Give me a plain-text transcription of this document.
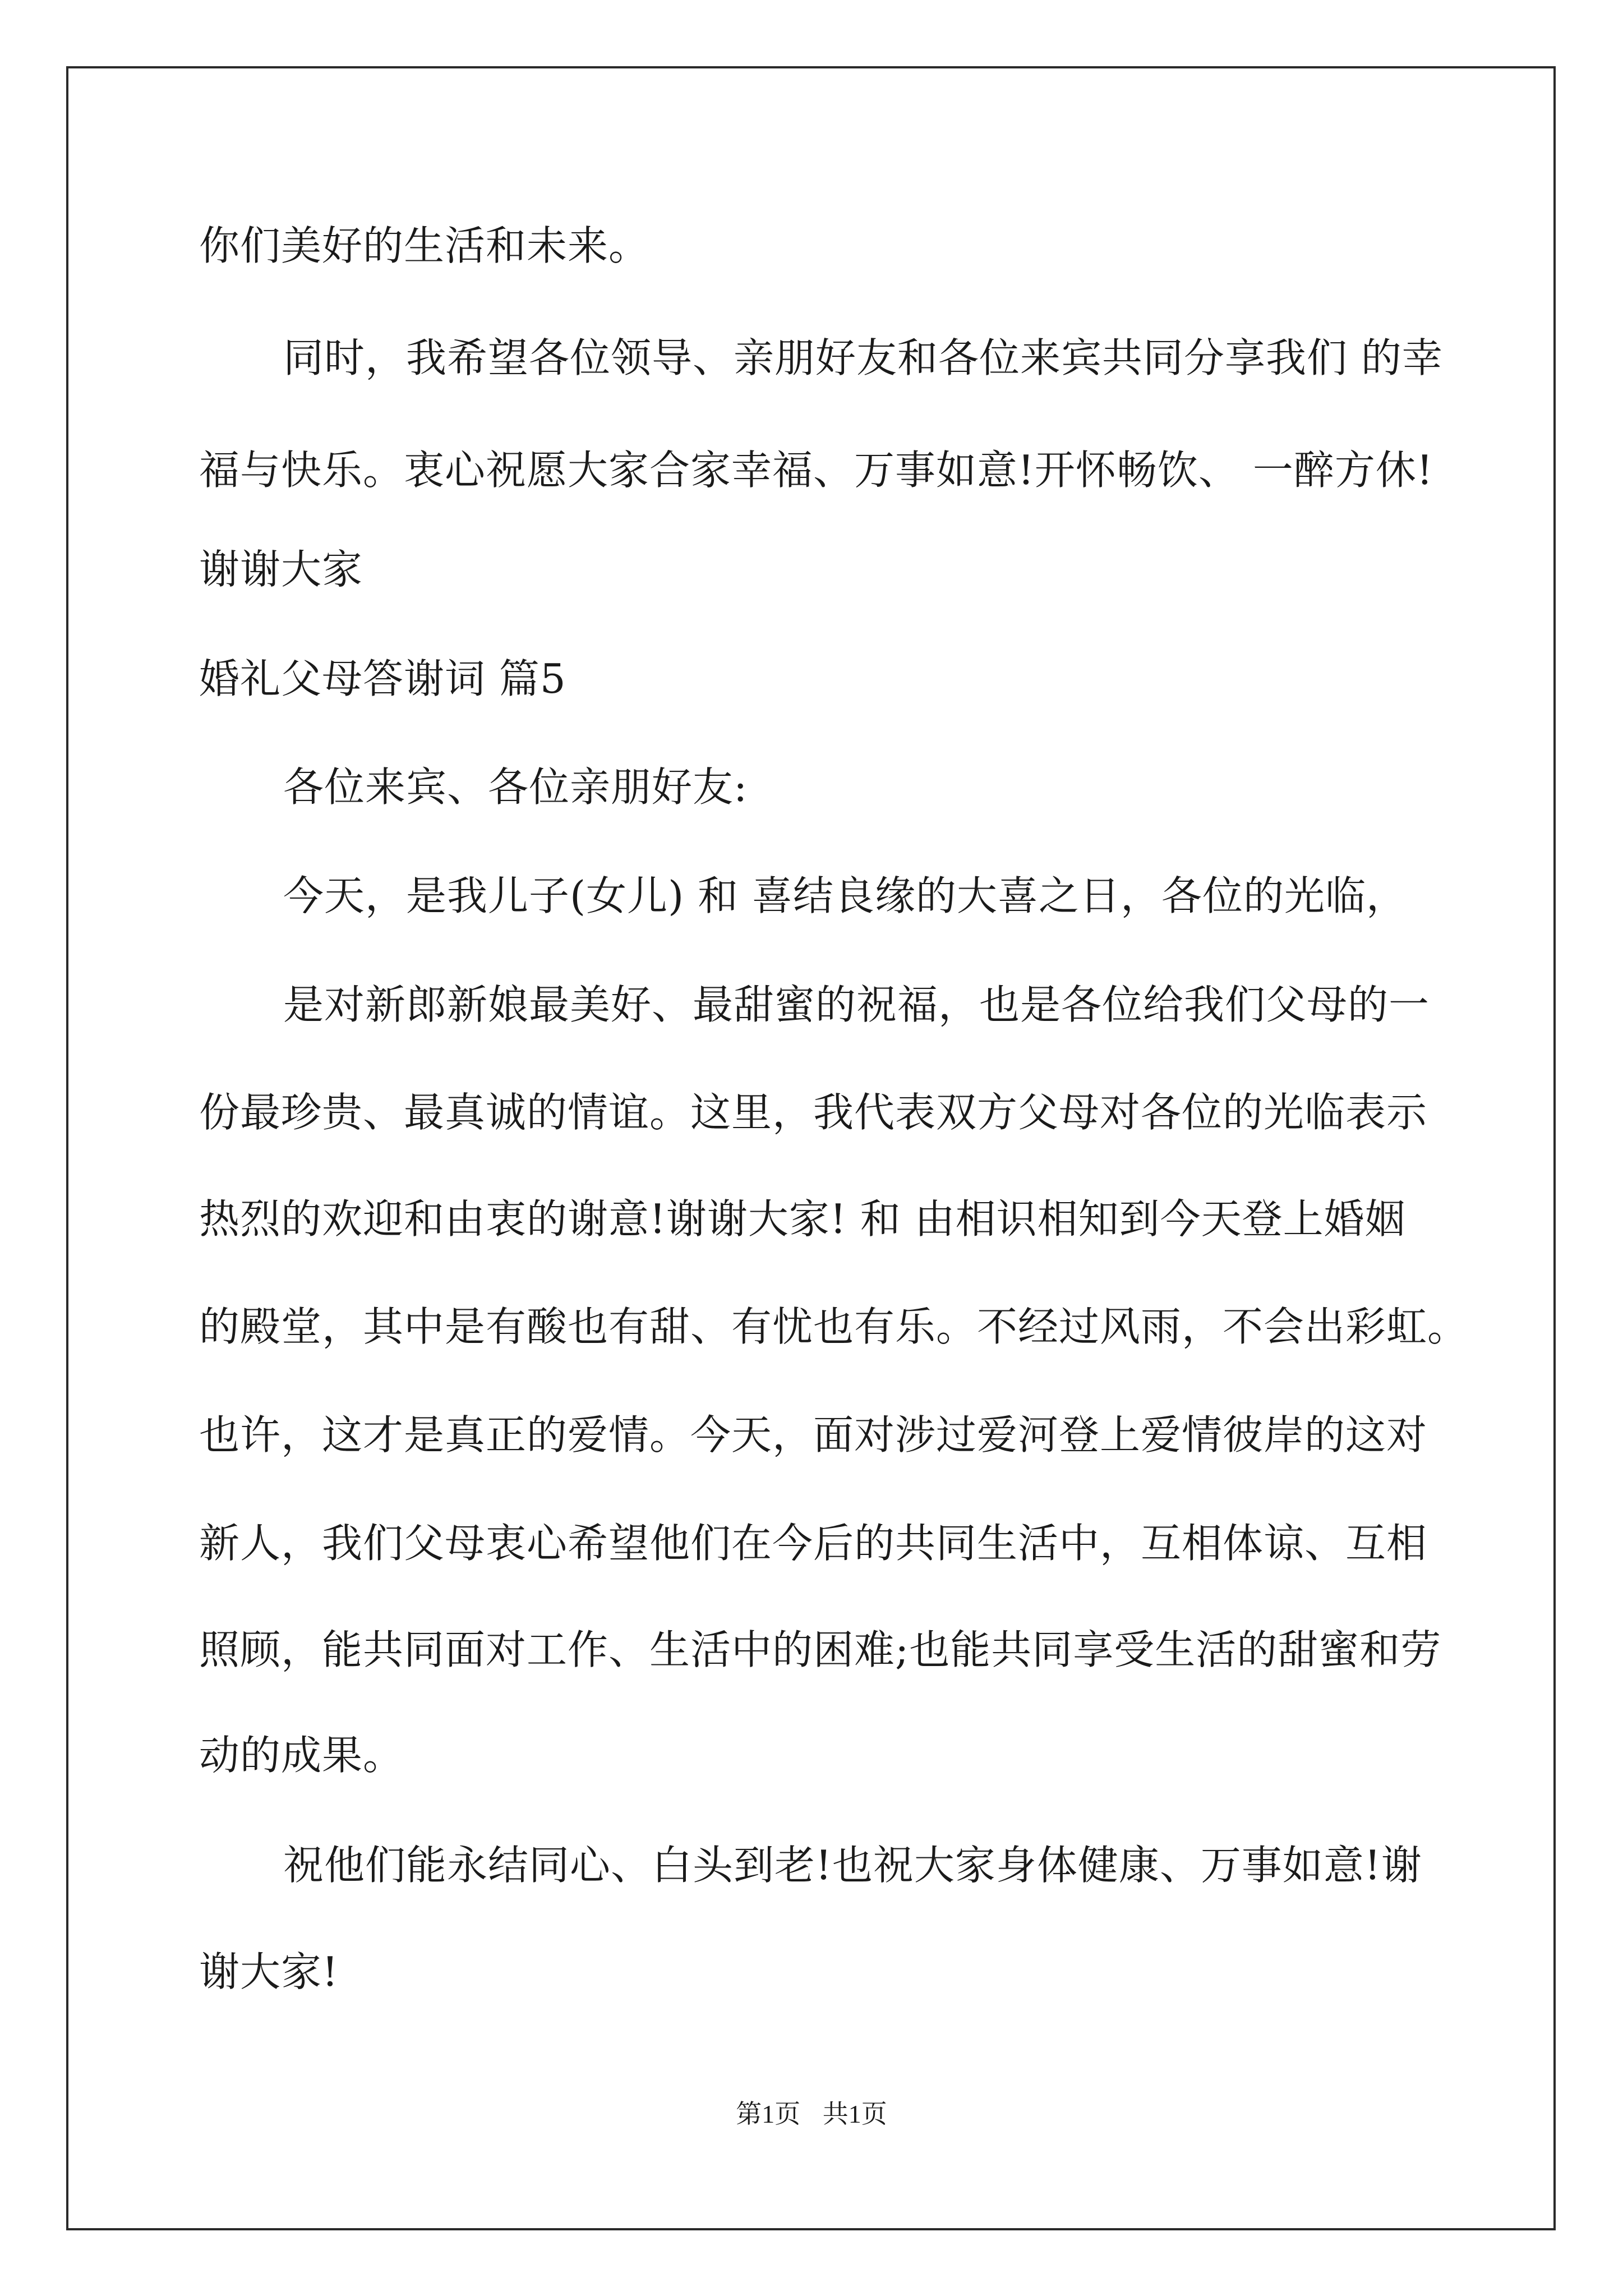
你们美好的生活和未来。
同时，我希望各位领导、亲朋好友和各位来宾共同分享我们 的幸
福与快乐。衷心祝愿大家合家幸福、万事如意!开怀畅饮、 一醉方休!
谢谢大家
婚礼父母答谢词 篇5
各位来宾、各位亲朋好友:
今天，是我儿子(女儿) 和 喜结良缘的大喜之日，各位的光临，
是对新郎新娘最美好、最甜蜜的祝福，也是各位给我们父母的一
份最珍贵、最真诚的情谊。这里，我代表双方父母对各位的光临表示
热烈的欢迎和由衷的谢意!谢谢大家! 和 由相识相知到今天登上婚姻
的殿堂，其中是有酸也有甜、有忧也有乐。不经过风雨，不会出彩虹。
也许，这才是真正的爱情。今天，面对涉过爱河登上爱情彼岸的这对
新人，我们父母衷心希望他们在今后的共同生活中，互相体谅、互相
照顾，能共同面对工作、生活中的困难;也能共同享受生活的甜蜜和劳
动的成果。
祝他们能永结同心、白头到老!也祝大家身体健康、万事如意!谢
谢大家!
第1页 共1页
